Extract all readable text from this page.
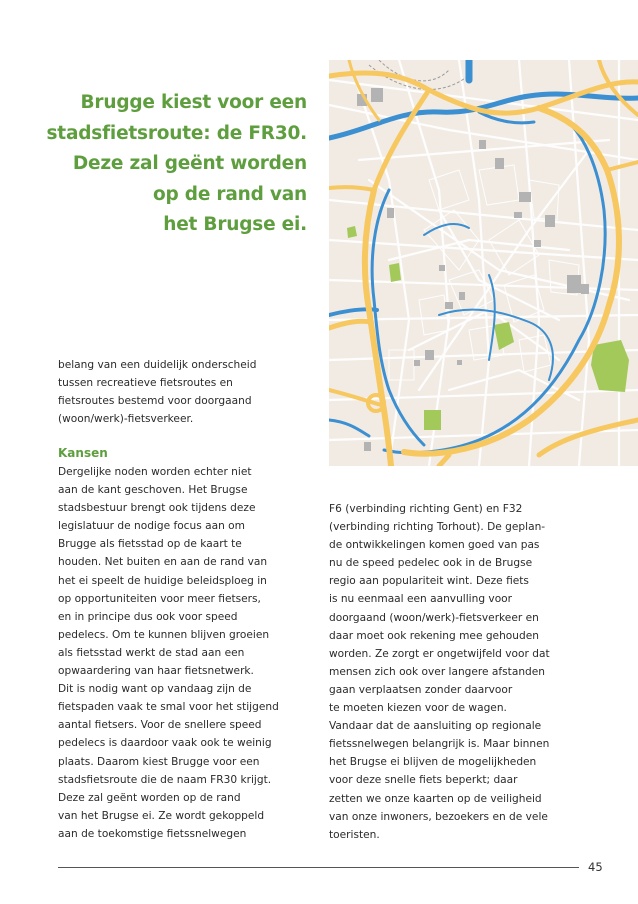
Brugge kiest voor een
stadsfietsroute: de FR30.
Deze zal geënt worden
op de rand van
het Brugse ei.
belang van een duidelijk onderscheid
tussen recreatieve fietsroutes en
fietsroutes bestemd voor doorgaand
(woon/werk)-fietsverkeer.
Kansen
Dergelijke noden worden echter niet
aan de kant geschoven. Het Brugse
stadsbestuur brengt ook tijdens deze
legislatuur de nodige focus aan om
Brugge als fietsstad op de kaart te
houden. Net buiten en aan de rand van
het ei speelt de huidige beleidsploeg in
op opportuniteiten voor meer fietsers,
en in principe dus ook voor speed
pedelecs. Om te kunnen blijven groeien
als fietsstad werkt de stad aan een
opwaardering van haar fietsnetwerk.
Dit is nodig want op vandaag zijn de
fietspaden vaak te smal voor het stijgend
aantal fietsers. Voor de snellere speed
pedelecs is daardoor vaak ook te weinig
plaats. Daarom kiest Brugge voor een
stadsfietsroute die de naam FR30 krijgt.
Deze zal geënt worden op de rand
van het Brugse ei. Ze wordt gekoppeld
aan de toekomstige fietssnelwegen
F6 (verbinding richting Gent) en F32
(verbinding richting Torhout). De geplan-
de ontwikkelingen komen goed van pas
nu de speed pedelec ook in de Brugse
regio aan populariteit wint. Deze fiets
is nu eenmaal een aanvulling voor
doorgaand (woon/werk)-fietsverkeer en
daar moet ook rekening mee gehouden
worden. Ze zorgt er ongetwijfeld voor dat
mensen zich ook over langere afstanden
gaan verplaatsen zonder daarvoor
te moeten kiezen voor de wagen.
Vandaar dat de aansluiting op regionale
fietssnelwegen belangrijk is. Maar binnen
het Brugse ei blijven de mogelijkheden
voor deze snelle fiets beperkt; daar
zetten we onze kaarten op de veiligheid
van onze inwoners, bezoekers en de vele
toeristen.
45
